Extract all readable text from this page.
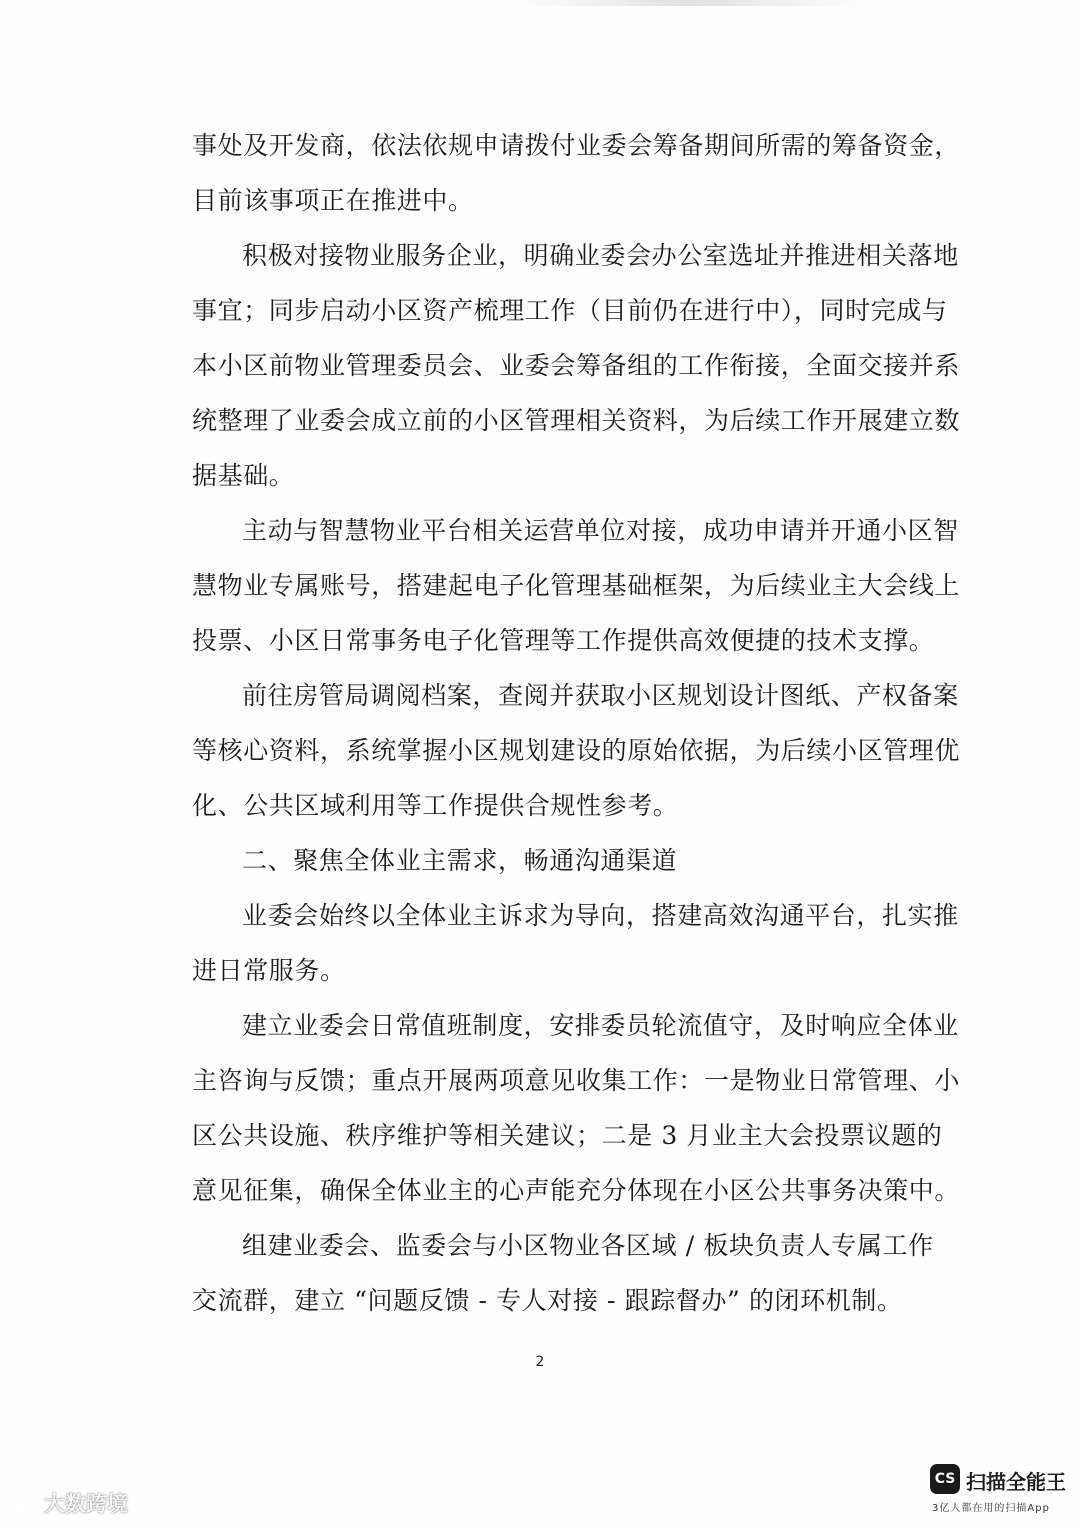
事处及开发商，依法依规申请拨付业委会筹备期间所需的筹备资金，
目前该事项正在推进中。
积极对接物业服务企业，明确业委会办公室选址并推进相关落地
事宜；同步启动小区资产梳理工作（目前仍在进行中），同时完成与
本小区前物业管理委员会、业委会筹备组的工作衔接，全面交接并系
统整理了业委会成立前的小区管理相关资料，为后续工作开展建立数
据基础。
主动与智慧物业平台相关运营单位对接，成功申请并开通小区智
慧物业专属账号，搭建起电子化管理基础框架，为后续业主大会线上
投票、小区日常事务电子化管理等工作提供高效便捷的技术支撑。
前往房管局调阅档案，查阅并获取小区规划设计图纸、产权备案
等核心资料，系统掌握小区规划建设的原始依据，为后续小区管理优
化、公共区域利用等工作提供合规性参考。
二、聚焦全体业主需求，畅通沟通渠道
业委会始终以全体业主诉求为导向，搭建高效沟通平台，扎实推
进日常服务。
建立业委会日常值班制度，安排委员轮流值守，及时响应全体业
主咨询与反馈；重点开展两项意见收集工作：一是物业日常管理、小
区公共设施、秩序维护等相关建议；二是 3 月业主大会投票议题的
意见征集，确保全体业主的心声能充分体现在小区公共事务决策中。
组建业委会、监委会与小区物业各区域 / 板块负责人专属工作
交流群，建立 “问题反馈 - 专人对接 - 跟踪督办” 的闭环机制。
2
大数跨境
CS 扫描全能王
3亿人都在用的扫描App
